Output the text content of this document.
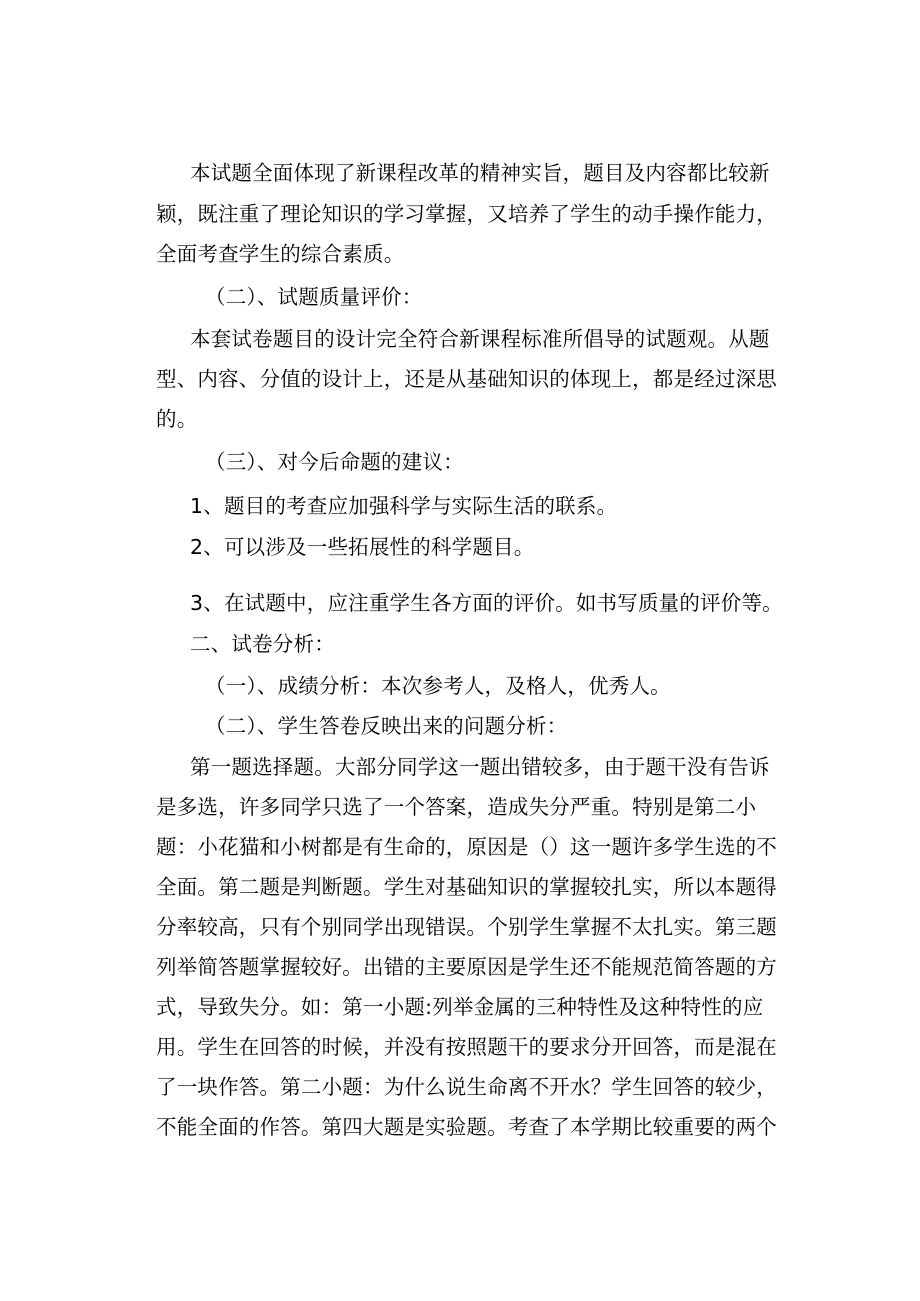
本试题全面体现了新课程改革的精神实旨，题目及内容都比较新
颖，既注重了理论知识的学习掌握，又培养了学生的动手操作能力，
全面考查学生的综合素质。
（二）、试题质量评价：
本套试卷题目的设计完全符合新课程标准所倡导的试题观。从题
型、内容、分值的设计上，还是从基础知识的体现上，都是经过深思
的。
（三）、对今后命题的建议：
1、题目的考查应加强科学与实际生活的联系。
2、可以涉及一些拓展性的科学题目。
3、在试题中，应注重学生各方面的评价。如书写质量的评价等。
二、试卷分析：
（一）、成绩分析：本次参考人，及格人，优秀人。
（二）、学生答卷反映出来的问题分析：
第一题选择题。大部分同学这一题出错较多，由于题干没有告诉
是多选，许多同学只选了一个答案，造成失分严重。特别是第二小
题：小花猫和小树都是有生命的，原因是（）这一题许多学生选的不
全面。第二题是判断题。学生对基础知识的掌握较扎实，所以本题得
分率较高，只有个别同学出现错误。个别学生掌握不太扎实。第三题
列举简答题掌握较好。出错的主要原因是学生还不能规范简答题的方
式，导致失分。如：第一小题:列举金属的三种特性及这种特性的应
用。学生在回答的时候，并没有按照题干的要求分开回答，而是混在
了一块作答。第二小题：为什么说生命离不开水？学生回答的较少，
不能全面的作答。第四大题是实验题。考查了本学期比较重要的两个
